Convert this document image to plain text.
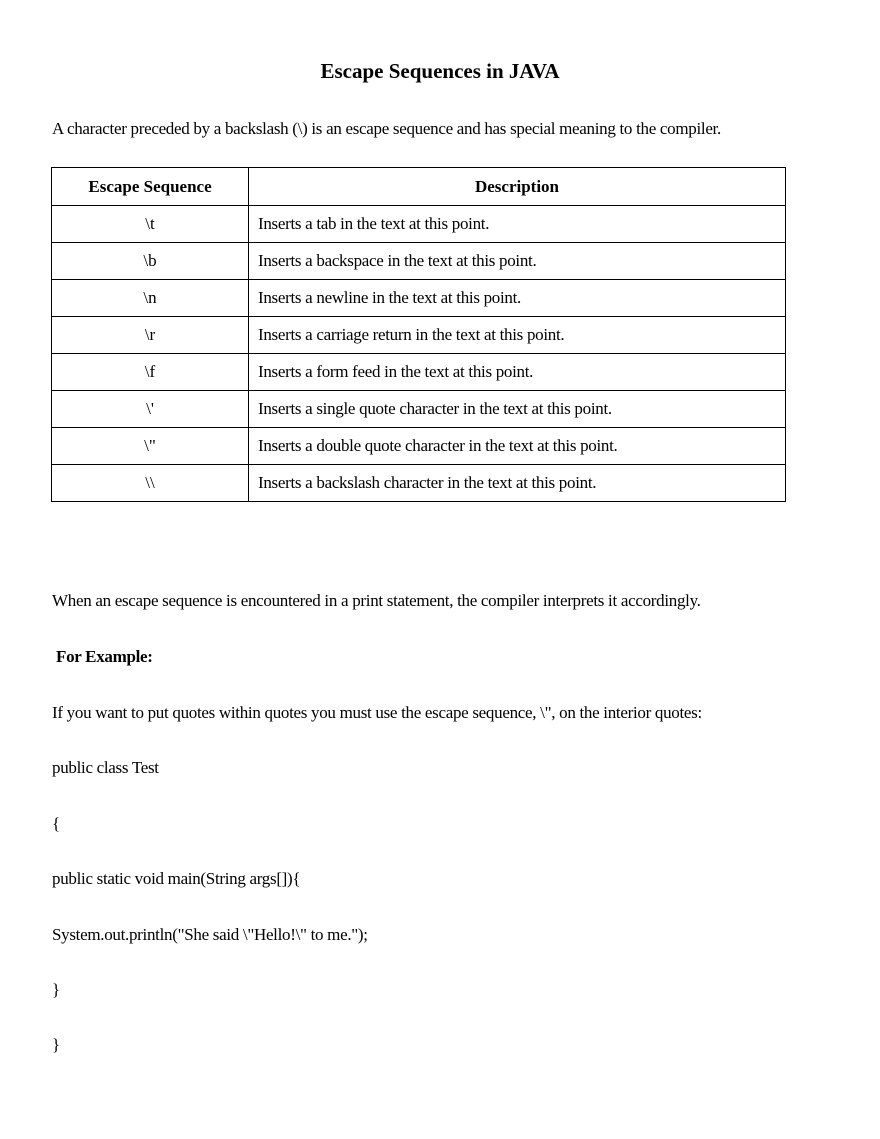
Escape Sequences in JAVA
A character preceded by a backslash (\) is an escape sequence and has special meaning to the compiler.
Escape Sequence	Description
\t	Inserts a tab in the text at this point.
\b	Inserts a backspace in the text at this point.
\n	Inserts a newline in the text at this point.
\r	Inserts a carriage return in the text at this point.
\f	Inserts a form feed in the text at this point.
\'	Inserts a single quote character in the text at this point.
\"	Inserts a double quote character in the text at this point.
\\	Inserts a backslash character in the text at this point.
When an escape sequence is encountered in a print statement, the compiler interprets it accordingly.
For Example:
If you want to put quotes within quotes you must use the escape sequence, \", on the interior quotes:
public class Test
{
public static void main(String args[]){
System.out.println("She said \"Hello!\" to me.");
}
}
